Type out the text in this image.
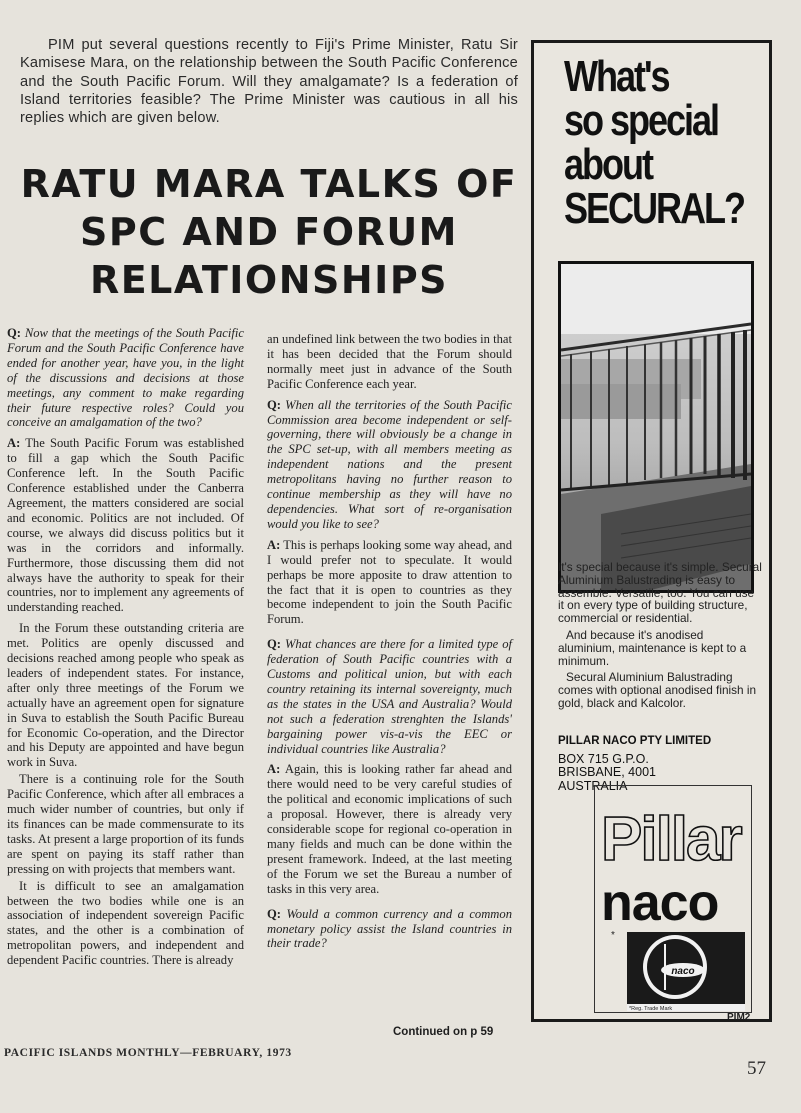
PIM put several questions recently to Fiji's Prime Minister, Ratu Sir Kamisese Mara, on the relationship between the South Pacific Conference and the South Pacific Forum. Will they amalgamate? Is a federation of Island territories feasible? The Prime Minister was cautious in all his replies which are given below.
RATU MARA TALKS OF
SPC AND FORUM
RELATIONSHIPS

Q: Now that the meetings of the South Pacific Forum and the South Pacific Conference have ended for another year, have you, in the light of the discussions and decisions at those meetings, any comment to make regarding their future respective roles? Could you conceive an amalgamation of the two?

A: The South Pacific Forum was established to fill a gap which the South Pacific Conference left. In the South Pacific Conference established under the Canberra Agreement, the matters considered are social and economic. Politics are not included. Of course, we always did discuss politics but it was in the corridors and informally. Furthermore, those discussing them did not always have the authority to speak for their countries, nor to implement any agreements of understanding reached.

In the Forum these outstanding criteria are met. Politics are openly discussed and decisions reached among people who speak as leaders of independent states. For instance, after only three meetings of the Forum we actually have an agreement open for signature in Suva to establish the South Pacific Bureau for Economic Co-operation, and the Director and his Deputy are appointed and have begun work in Suva.

There is a continuing role for the South Pacific Conference, which after all embraces a much wider number of countries, but only if its finances can be made commensurate to its tasks. At present a large proportion of its funds are spent on paying its staff rather than pressing on with projects that members want.

It is difficult to see an amalgamation between the two bodies while one is an association of independent sovereign Pacific states, and the other is a combination of metropolitan powers, and independent and dependent Pacific countries. There is already

an undefined link between the two bodies in that it has been decided that the Forum should normally meet just in advance of the South Pacific Conference each year.

Q: When all the territories of the South Pacific Commission area become independent or self-governing, there will obviously be a change in the SPC set-up, with all members meeting as independent nations and the present metropolitans having no further reason to continue membership as they will have no dependencies. What sort of re-organisation would you like to see?

A: This is perhaps looking some way ahead, and I would prefer not to speculate. It would perhaps be more apposite to draw attention to the fact that it is open to countries as they become independent to join the South Pacific Forum.

Q: What chances are there for a limited type of federation of South Pacific countries with a Customs and political union, but with each country retaining its internal sovereignty, much as the states in the USA and Australia? Would not such a federation strenghten the Islands' bargaining power vis-a-vis the EEC or individual countries like Australia?

A: Again, this is looking rather far ahead and there would need to be very careful studies of the political and economic implications of such a proposal. However, there is already very considerable scope for regional co-operation in many fields and much can be done within the present framework. Indeed, at the last meeting of the Forum we set the Bureau a number of tasks in this very area.

Q: Would a common currency and a common monetary policy assist the Island countries in their trade?

Continued on p 59
PACIFIC ISLANDS MONTHLY—FEBRUARY, 1973
57
What's
so special
about
SECURAL?

It's special because it's simple. Secural Aluminium Balustrading is easy to assemble. Versatile, too. You can use it on every type of building structure, commercial or residential.

And because it's anodised aluminium, maintenance is kept to a minimum.

Secural Aluminium Balustrading comes with optional anodised finish in gold, black and Kalcolor.

PILLAR NACO PTY LIMITED
BOX 715 G.P.O.
BRISBANE, 4001
AUSTRALIA
Pillar
naco
*
naco
*Reg. Trade Mark
PIM2
